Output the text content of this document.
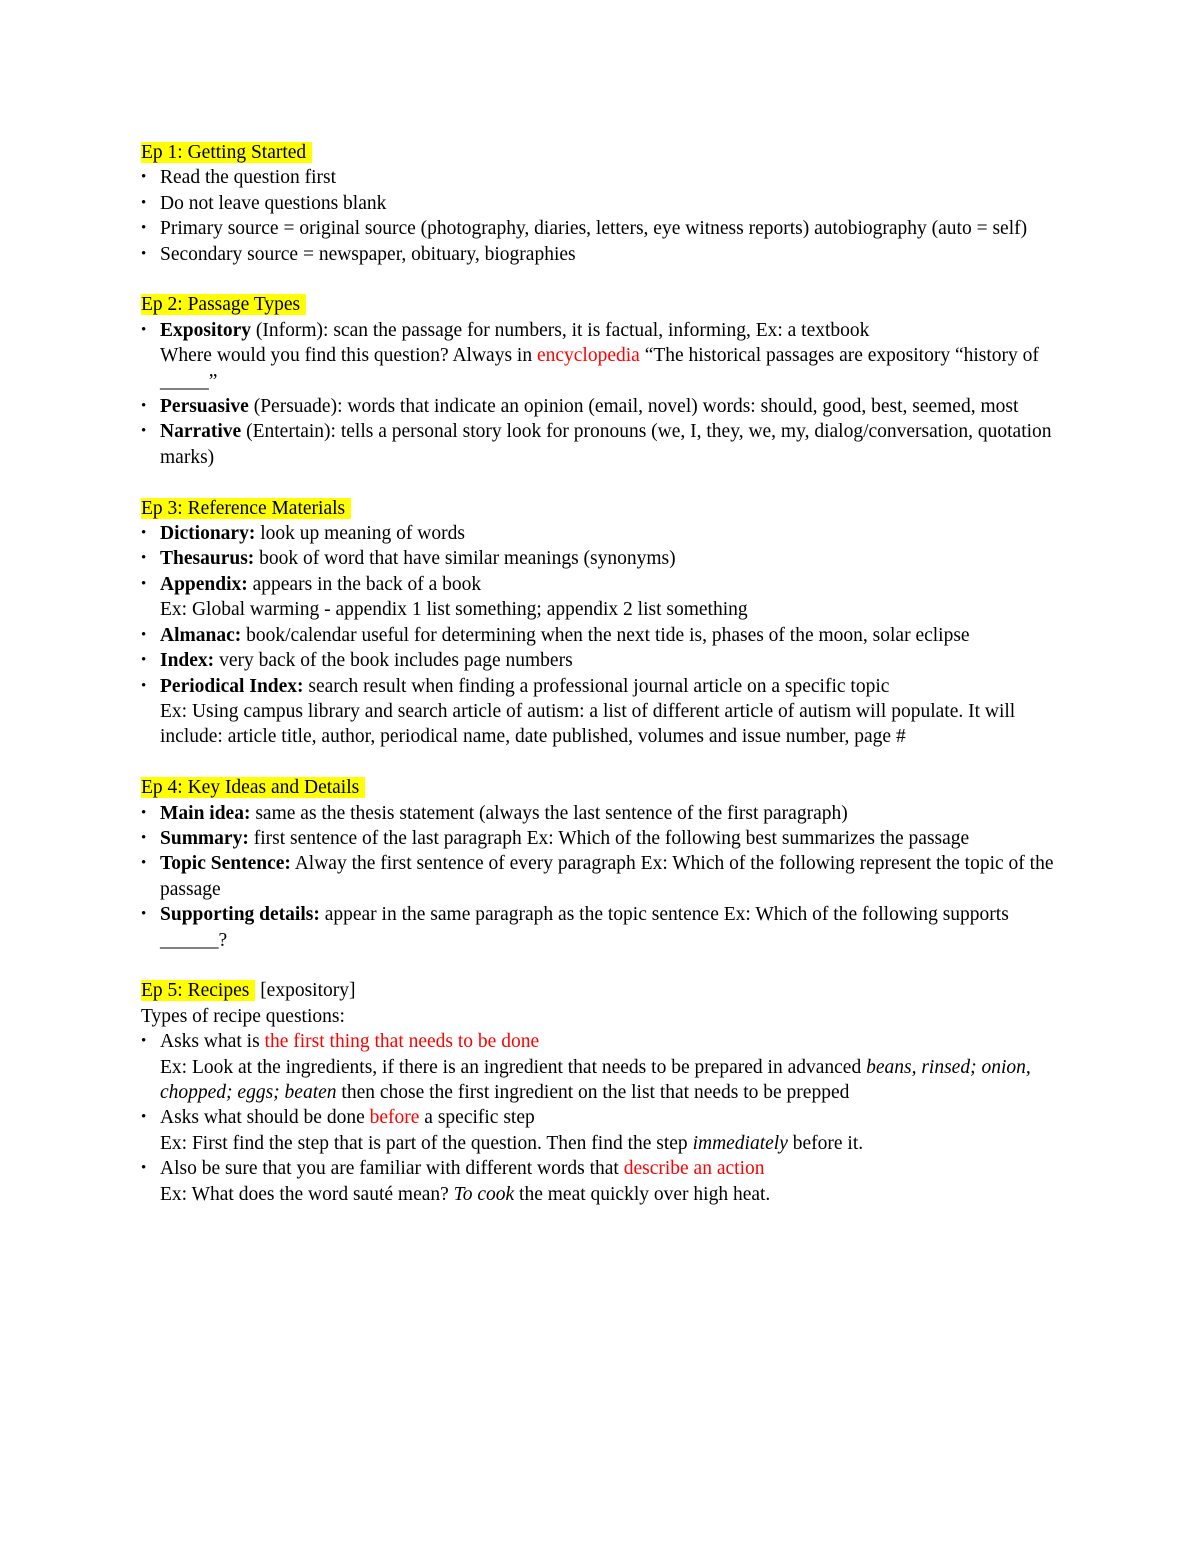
Ep 1: Getting Started
• Read the question first
• Do not leave questions blank
• Primary source = original source (photography, diaries, letters, eye witness reports) autobiography (auto = self)
• Secondary source = newspaper, obituary, biographies
Ep 2: Passage Types
• Expository (Inform): scan the passage for numbers, it is factual, informing, Ex: a textbook
Where would you find this question? Always in encyclopedia “The historical passages are expository “history of _____”
• Persuasive (Persuade): words that indicate an opinion (email, novel) words: should, good, best, seemed, most
• Narrative (Entertain): tells a personal story look for pronouns (we, I, they, we, my, dialog/conversation, quotation marks)
Ep 3: Reference Materials
• Dictionary: look up meaning of words
• Thesaurus: book of word that have similar meanings (synonyms)
• Appendix: appears in the back of a book
Ex: Global warming - appendix 1 list something; appendix 2 list something
• Almanac: book/calendar useful for determining when the next tide is, phases of the moon, solar eclipse
• Index: very back of the book includes page numbers
• Periodical Index: search result when finding a professional journal article on a specific topic
Ex: Using campus library and search article of autism: a list of different article of autism will populate. It will include: article title, author, periodical name, date published, volumes and issue number, page #
Ep 4: Key Ideas and Details
• Main idea: same as the thesis statement (always the last sentence of the first paragraph)
• Summary: first sentence of the last paragraph Ex: Which of the following best summarizes the passage
• Topic Sentence: Alway the first sentence of every paragraph Ex: Which of the following represent the topic of the passage
• Supporting details: appear in the same paragraph as the topic sentence Ex: Which of the following supports ______?
Ep 5: Recipes [expository]

Types of recipe questions:

• Asks what is the first thing that needs to be done
Ex: Look at the ingredients, if there is an ingredient that needs to be prepared in advanced beans, rinsed; onion, chopped; eggs; beaten then chose the first ingredient on the list that needs to be prepped
• Asks what should be done before a specific step
Ex: First find the step that is part of the question. Then find the step immediately before it.
• Also be sure that you are familiar with different words that describe an action
Ex: What does the word sauté mean? To cook the meat quickly over high heat.
